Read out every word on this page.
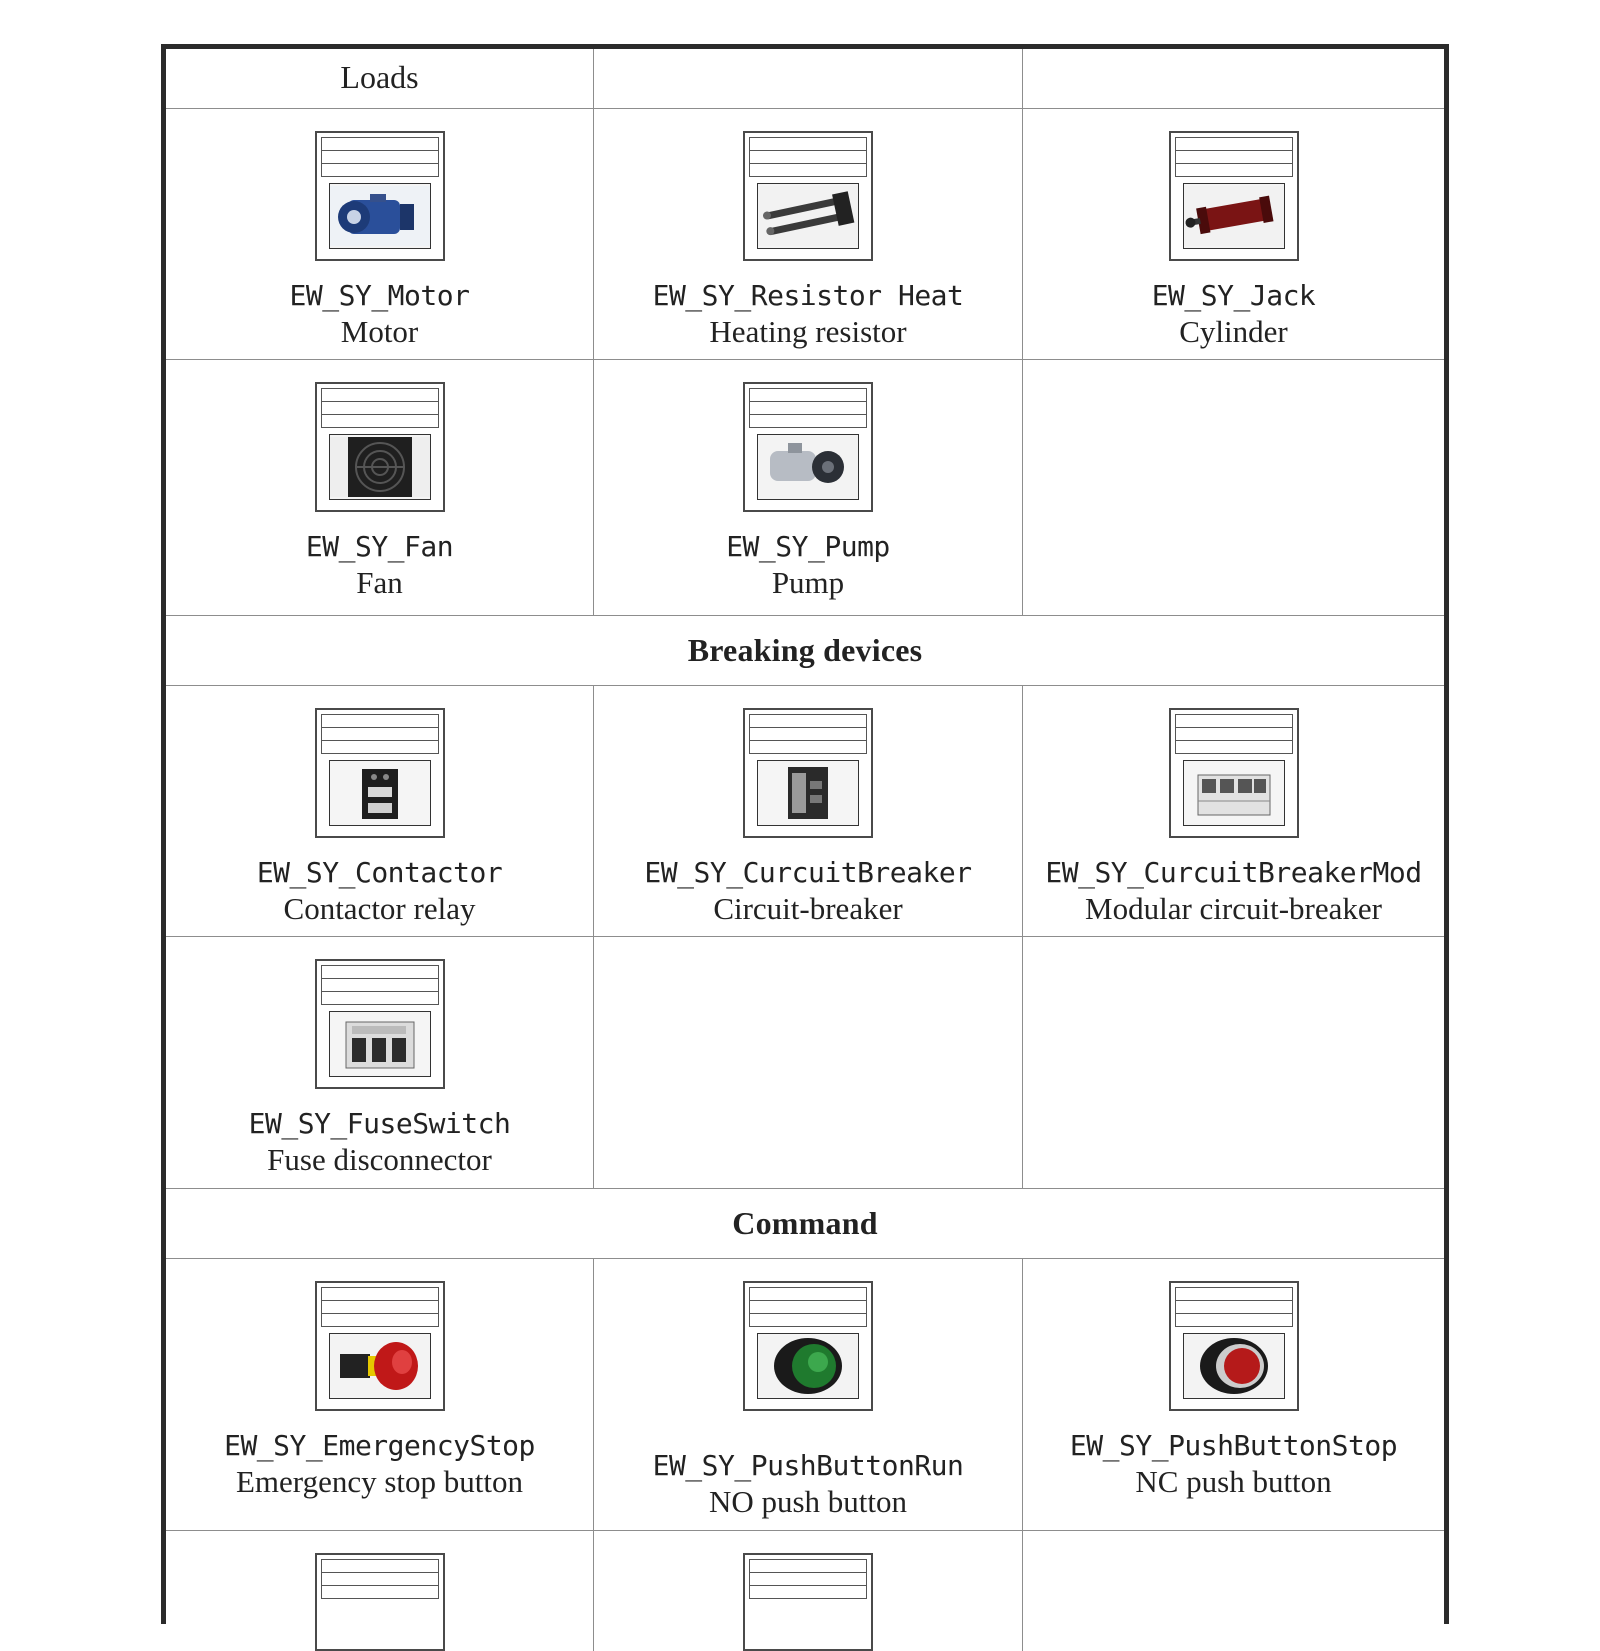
Loads
EW_SY_Motor
Motor
EW_SY_Resistor Heat
Heating resistor
EW_SY_Jack
Cylinder
EW_SY_Fan
Fan
EW_SY_Pump
Pump
Breaking devices
EW_SY_Contactor
Contactor relay
EW_SY_CurcuitBreaker
Circuit-breaker
EW_SY_CurcuitBreakerMod
Modular circuit-breaker
EW_SY_FuseSwitch
Fuse disconnector
Command
EW_SY_EmergencyStop
Emergency stop button	EW_SY_PushButtonRun
NO push button
EW_SY_PushButtonStop
NC push button
